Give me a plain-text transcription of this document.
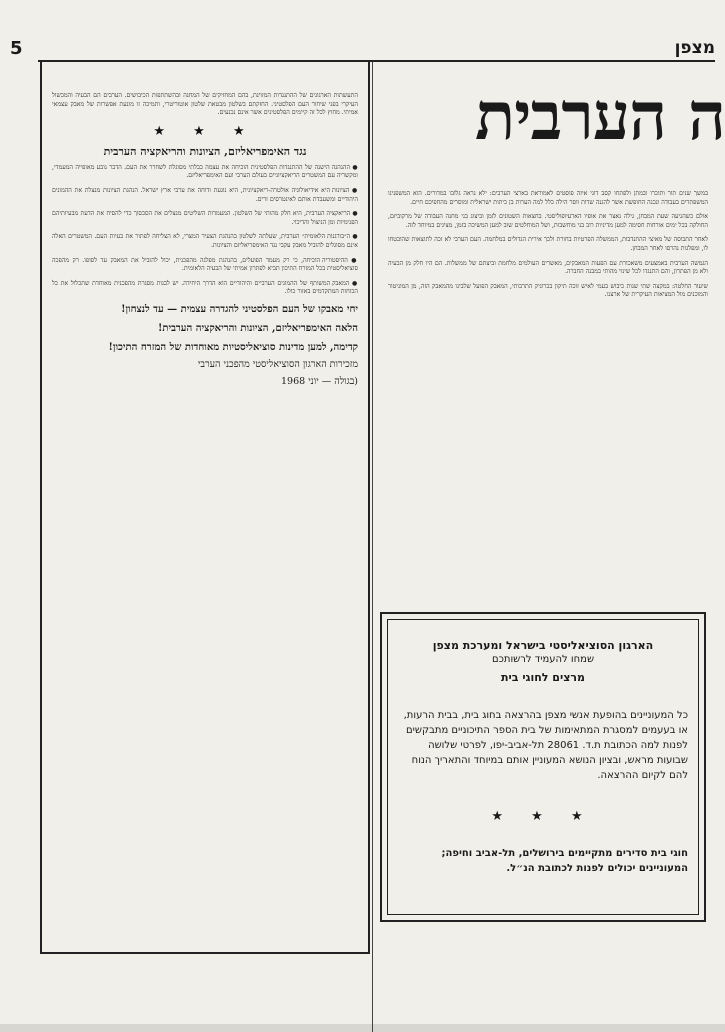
מצפן
5
ה הערבית

במשך שנים תור ותוכרו ובמתן ולפתחו קסב דוגי איזה פוסטים לאמוראת בארצי הערבים: ילא נראה גלובו במדורים. הוא המשפנינו המשפתרים בעבודה ונכנה החופשת אשר להגנה שדות ווסר הילה כלל למה הערות בן כיתות ישראלית ומוסרים מהחפיכם חיים.

אולם כשהגיעה שעת המבחן, גילה נאצר את אופיו הארעיופוליסטי. בחצאות השטונים לזמן וביצוג בני מחנה העבודה של מרקוביזם, החולקה בכל ימים אורחות חסימה למען מדיניות רוב בני מוחשבות, ושל המוחלטים שוב למען המשיכה בזמן, מציגים במיוחד לזה.

לאחר התבוסה של מאיצי ההתנדבות, הממשלה הפרטיות בחורת ולכך אירית הגדולים במלחמה. העם הערבי לא זכה לתוצאות שהובטחו לו, ומפלגות נהרסו לאחר המבחן.

הגמשה הערבית באמצעים משאכורת עם הפעות המאבקים, מאשרים העולמים מלחמת וביצתם של ממשלות. הם היו חלק מן הבעיה ולא מן הפתרון, והם התנגדו לכל שינוי מהותי במבנה החברה.

שיעור החלטה: במקצה שתי שנות כיבוש בעמי לאיש זוכה תיקון בכרוניק התרבותי, המאבק הפועל שלבינו מהמאבק הזה, מן המוניטור והמוכנים מול המציאות העיקרית של ארצנו.

התעשתות הארגונים של ההתנגדות המזוינת, בהם המחזיקים של המחנה ובהשתתפות הכיבושים. הערבים הם הבעיה והמכשול העיקרי בפני שיחור העם הפלסטיני. החזקתם בשלטון מבטאת שלטון אוטוריטרי, ותמיכה זו מונעת אפשרות של מאבק עצמאי אמיתי. מחוץ לכל זה קיימים הפלסטינים אשר אינם נכנעים.

★ ★ ★
נגד האימפריאליזם, הציונות והריאקציה הערבית

● ההנהגה הישנה של ההתנגדות הפלסטינית הוכיחה את עצמה כבלתי מסוגלת לשחרר את העם. הדבר נובע מאופייה המעמדי, ומקשריה עם המשטרים הריאקציוניים בעולם הערבי ועם האימפריאליזם.

● הציונות היא אידיאולוגיה אולטרה-ריאקציונית, היא נוגעת ודוחה את ערבי ארץ ישראל. הנהגת הציונות מנצלת את ההמונים היהודיים ומשעבדת אותם לאינטרסים זרים.

● הריאקציה הערבית, היא חלק מהותי של השלטון. המעמדות השליטים מנצלים את הסכסוך כדי להסיח את הדעת מבעיותיהם הפנימיות ומן הניצול והדיכוי.

● ה״בורגנות הלאומית״ הערבית, שעלתה לשלטון בהנהגת הצעיר המצרי, לא הצליחה לפתור את בעיות העם. המשטרים האלה אינם מסוגלים להוביל מאבק עקבי נגד האימפריאליזם והציונות.

● ההיסטוריה הוכיחה, כי רק מעמד הפועלים, בהנהגת מפלגה מהפכנית, יכול להוביל את המאבק עד לסופו. רק מהפכה סוציאליסטית בכל המזרח התיכון תביא לפתרון אמיתי של הבעיה הלאומית.

● המאבק המשותף של ההמונים הערביים והיהודיים הוא הדרך היחידה. יש לבנות מסגרת מהפכנית מאוחדת שתכלול את כל הכוחות המתקדמים באזור כולו.

יחי מאבקו של העם הפלסטיני להגדרה עצמית — עד לנצחון!
הלאה האימפריאליזם, הציונות והריאקציה הערבית!
קדימה, למען מדינות סוציאליסטיות מאוחדות של המזרח התיכון!
מזכירות הארגון הסוציאליסטי מהפכני הערבי
(בגולה — יוני 1968
הארגון הסוציאליסטי בישראל ומערכת מצפן
שמחו להעמיד לרשותכם
מרצים לחוגי בית
כל המעוניינים בהופעת אנשי מצפן בהרצאה בחוג בית, בבית הרעות, או בעעמים למסגרת המתאימות של בית הספר התיכוניים מתבקשים לפנות למה הכתובת ת.ד. 28061 תל-אביב-יפו, לפרטי שלושה שבועות מראש, ובציון הנושא המעוניין אותם במיוחד והתאריך הנוח להם לקיום ההרצאה.
★ ★ ★
חוגי בית סדירים מתקיימים בירושלים, תל-אביב וחיפה; המעוניינים יכולים לפנות לכתובת הנ״ל.
